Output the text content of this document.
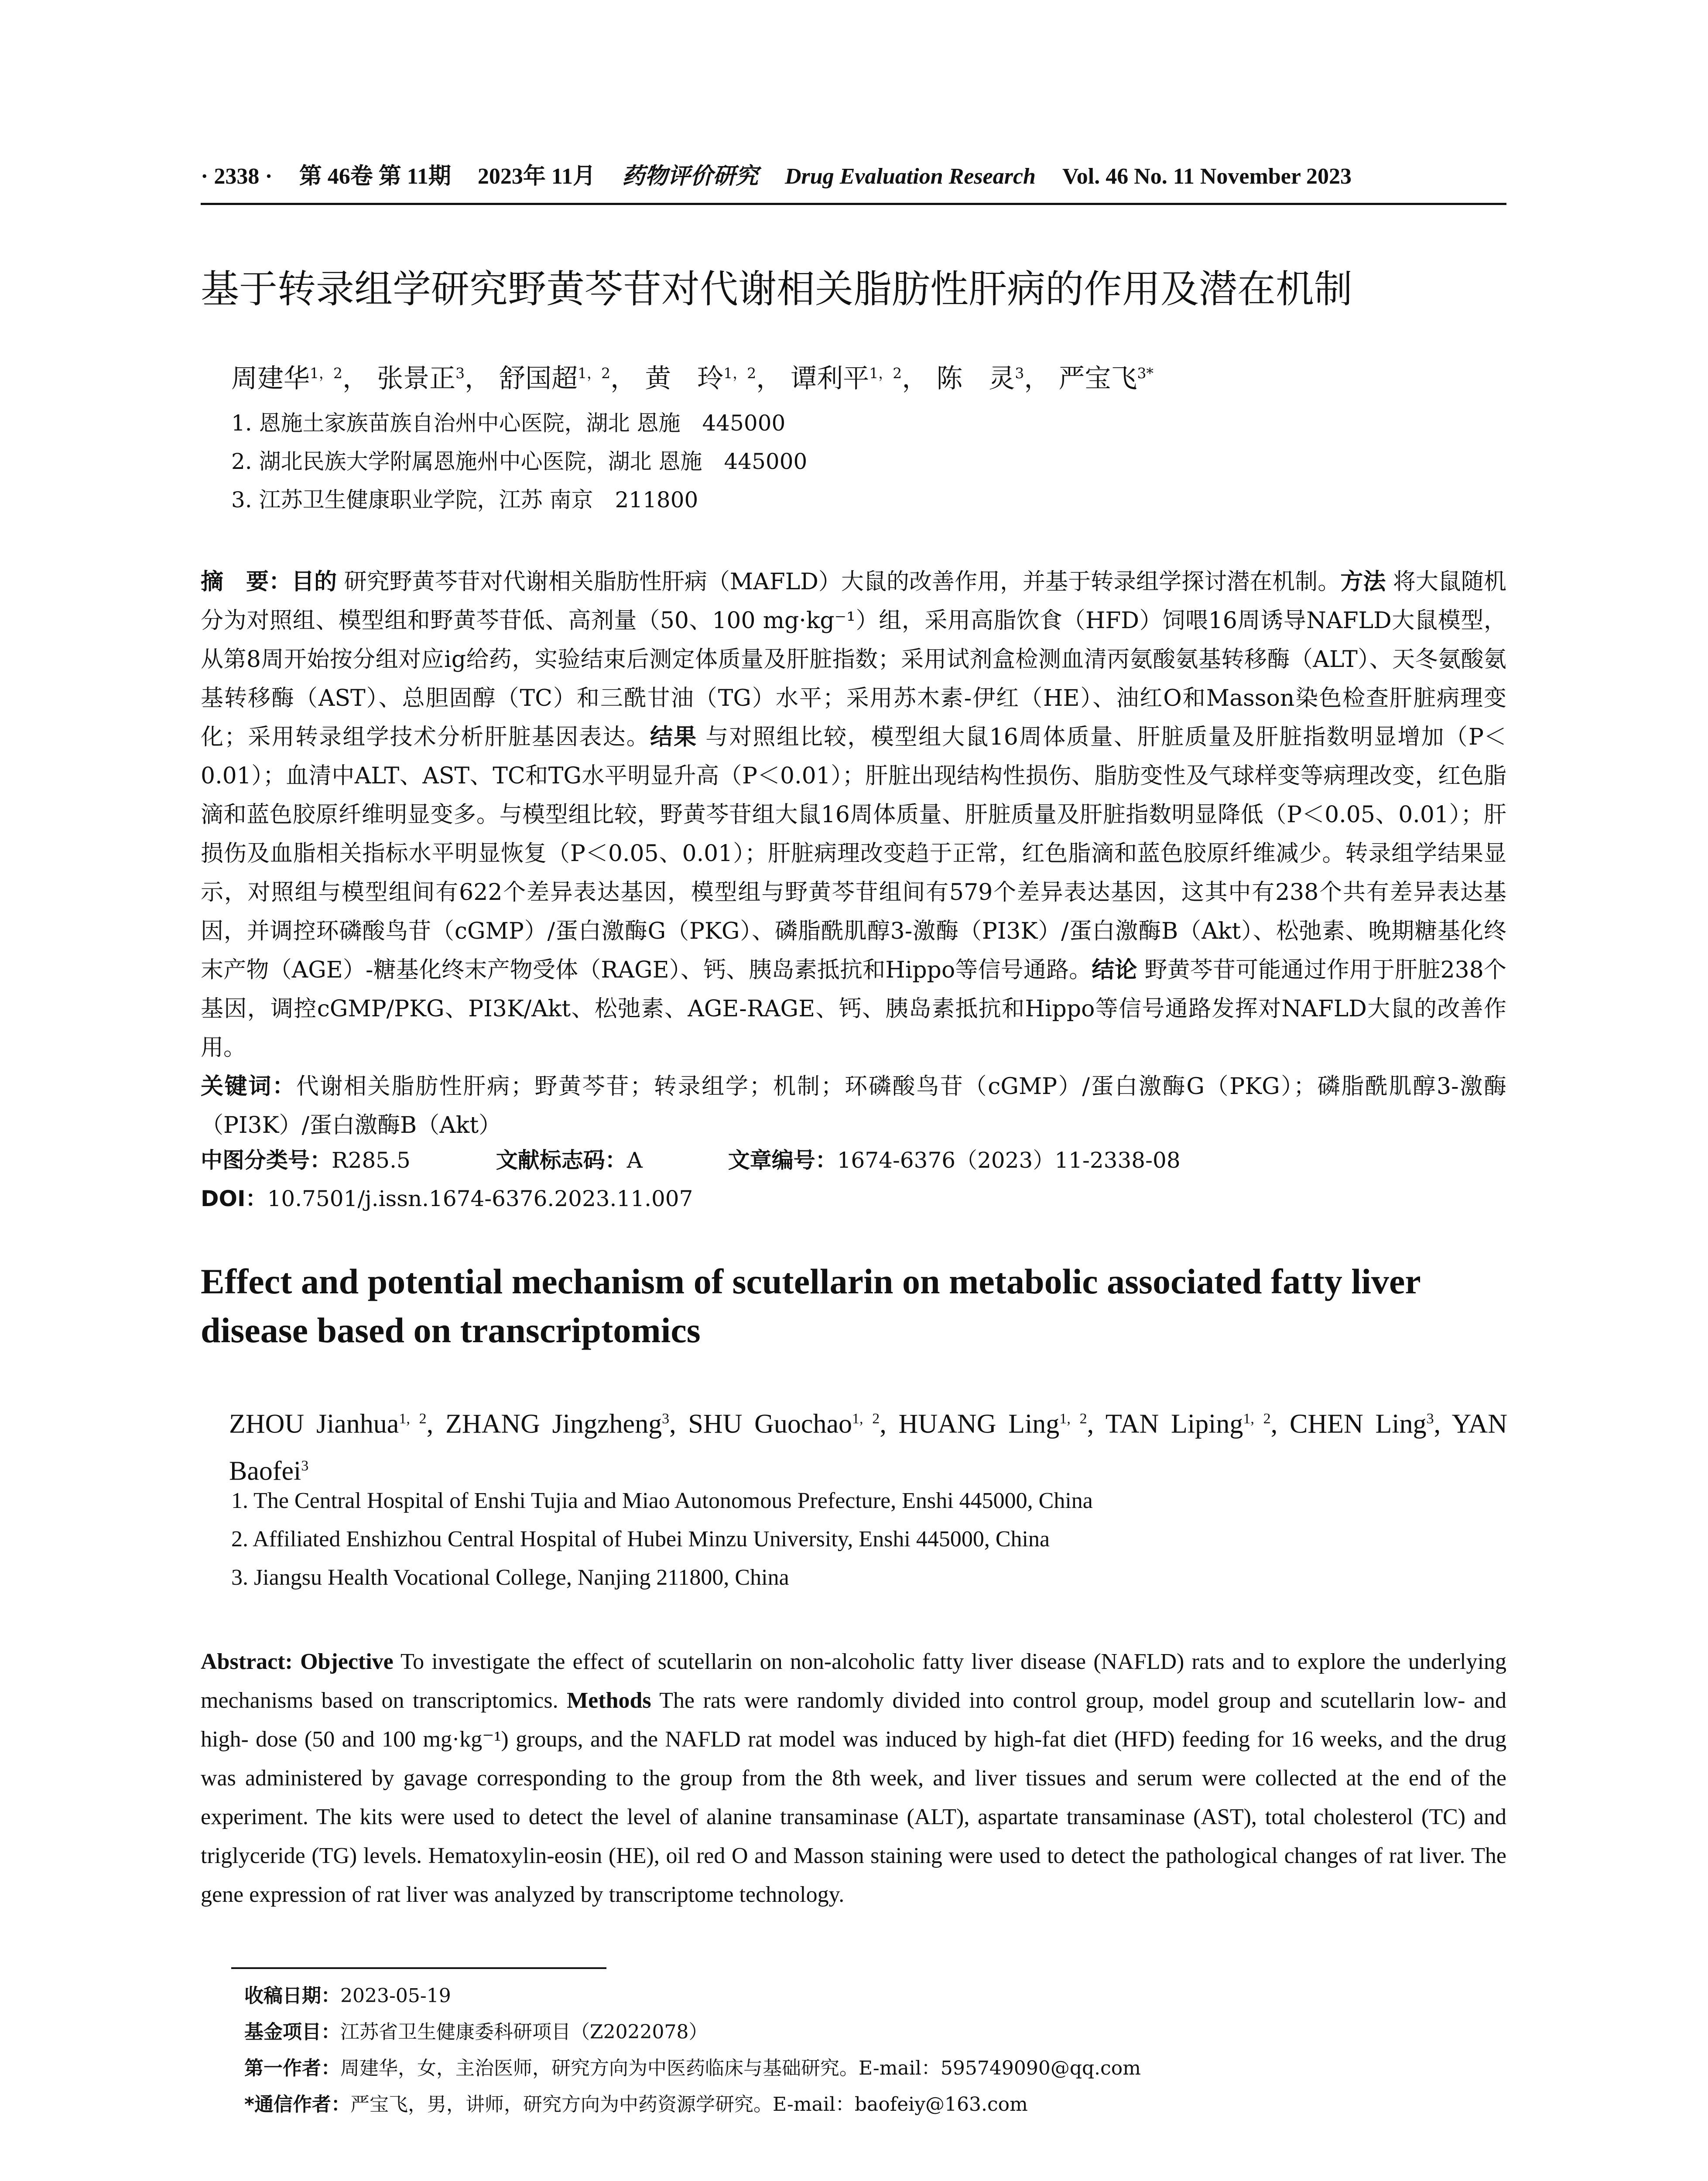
· 2338 · 第 46卷 第 11期 2023年 11月 药物评价研究 Drug Evaluation Research Vol. 46 No. 11 November 2023
基于转录组学研究野黄芩苷对代谢相关脂肪性肝病的作用及潜在机制
周建华$^{1,2}$， 张景正$^3$， 舒国超$^{1,2}$， 黄　玲$^{1,2}$， 谭利平$^{1,2}$， 陈　灵$^3$， 严宝飞$^{3*}$
1. 恩施土家族苗族自治州中心医院，湖北 恩施　445000
2. 湖北民族大学附属恩施州中心医院，湖北 恩施　445000
3. 江苏卫生健康职业学院，江苏 南京　211800
摘　要：目的 研究野黄芩苷对代谢相关脂肪性肝病（MAFLD）大鼠的改善作用，并基于转录组学探讨潜在机制。方法 将大鼠随机分为对照组、模型组和野黄芩苷低、高剂量（50、100 mg·kg⁻¹）组，采用高脂饮食（HFD）饲喂16周诱导NAFLD大鼠模型，从第8周开始按分组对应ig给药，实验结束后测定体质量及肝脏指数；采用试剂盒检测血清丙氨酸氨基转移酶（ALT）、天冬氨酸氨基转移酶（AST）、总胆固醇（TC）和三酰甘油（TG）水平；采用苏木素-伊红（HE）、油红O和Masson染色检查肝脏病理变化；采用转录组学技术分析肝脏基因表达。结果 与对照组比较，模型组大鼠16周体质量、肝脏质量及肝脏指数明显增加（P＜0.01）；血清中ALT、AST、TC和TG水平明显升高（P＜0.01）；肝脏出现结构性损伤、脂肪变性及气球样变等病理改变，红色脂滴和蓝色胶原纤维明显变多。与模型组比较，野黄芩苷组大鼠16周体质量、肝脏质量及肝脏指数明显降低（P＜0.05、0.01）；肝损伤及血脂相关指标水平明显恢复（P＜0.05、0.01）；肝脏病理改变趋于正常，红色脂滴和蓝色胶原纤维减少。转录组学结果显示，对照组与模型组间有622个差异表达基因，模型组与野黄芩苷组间有579个差异表达基因，这其中有238个共有差异表达基因，并调控环磷酸鸟苷（cGMP）/蛋白激酶G（PKG）、磷脂酰肌醇3-激酶（PI3K）/蛋白激酶B（Akt）、松弛素、晚期糖基化终末产物（AGE）-糖基化终末产物受体（RAGE）、钙、胰岛素抵抗和Hippo等信号通路。结论 野黄芩苷可能通过作用于肝脏238个基因，调控cGMP/PKG、PI3K/Akt、松弛素、AGE-RAGE、钙、胰岛素抵抗和Hippo等信号通路发挥对NAFLD大鼠的改善作用。
关键词：代谢相关脂肪性肝病；野黄芩苷；转录组学；机制；环磷酸鸟苷（cGMP）/蛋白激酶G（PKG）；磷脂酰肌醇3-激酶（PI3K）/蛋白激酶B（Akt）
中图分类号：R285.5	文献标志码：A	文章编号：1674-6376（2023）11-2338-08
DOI：10.7501/j.issn.1674-6376.2023.11.007
Effect and potential mechanism of scutellarin on metabolic associated fatty liver disease based on transcriptomics
ZHOU Jianhua$^{1, 2}$, ZHANG Jingzheng$^3$, SHU Guochao$^{1, 2}$, HUANG Ling$^{1, 2}$, TAN Liping$^{1, 2}$, CHEN Ling$^3$, YAN Baofei$^3$
1. The Central Hospital of Enshi Tujia and Miao Autonomous Prefecture, Enshi 445000, China
2. Affiliated Enshizhou Central Hospital of Hubei Minzu University, Enshi 445000, China
3. Jiangsu Health Vocational College, Nanjing 211800, China
Abstract: Objective To investigate the effect of scutellarin on non-alcoholic fatty liver disease (NAFLD) rats and to explore the underlying mechanisms based on transcriptomics. Methods The rats were randomly divided into control group, model group and scutellarin low- and high- dose (50 and 100 mg·kg⁻¹) groups, and the NAFLD rat model was induced by high-fat diet (HFD) feeding for 16 weeks, and the drug was administered by gavage corresponding to the group from the 8th week, and liver tissues and serum were collected at the end of the experiment. The kits were used to detect the level of alanine transaminase (ALT), aspartate transaminase (AST), total cholesterol (TC) and triglyceride (TG) levels. Hematoxylin-eosin (HE), oil red O and Masson staining were used to detect the pathological changes of rat liver. The gene expression of rat liver was analyzed by transcriptome technology.
收稿日期：2023-05-19
基金项目：江苏省卫生健康委科研项目（Z2022078）
第一作者：周建华，女，主治医师，研究方向为中医药临床与基础研究。E-mail：595749090@qq.com
*通信作者：严宝飞，男，讲师，研究方向为中药资源学研究。E-mail：baofeiy@163.com
